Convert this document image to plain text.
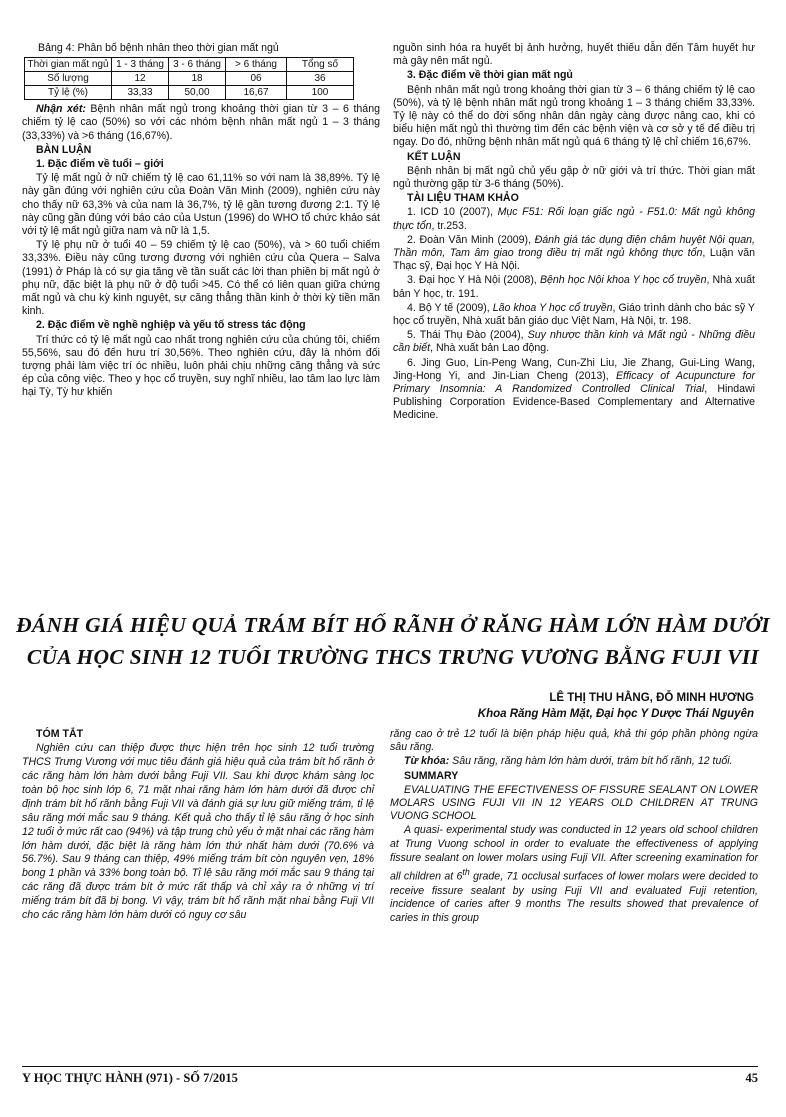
Bảng 4: Phân bố bệnh nhân theo thời gian mất ngủ

Thời gian mất ngủ	1 - 3 tháng	3 - 6 tháng	> 6 tháng	Tổng số
Số lượng	12	18	06	36
Tỷ lệ (%)	33,33	50,00	16,67	100

Nhận xét: Bệnh nhân mất ngủ trong khoảng thời gian từ 3 – 6 tháng chiếm tỷ lệ cao (50%) so với các nhóm bệnh nhân mất ngủ 1 – 3 tháng (33,33%) và >6 tháng (16,67%).

BÀN LUẬN

1. Đặc điểm về tuổi – giới

Tỷ lệ mất ngủ ở nữ chiếm tỷ lệ cao 61,11% so với nam là 38,89%. Tỷ lệ này gần đúng với nghiên cứu của Đoàn Văn Minh (2009), nghiên cứu này cho thấy nữ 63,3% và của nam là 36,7%, tỷ lệ gần tương đương 2:1. Tỷ lệ này cũng gần đúng với báo cáo của Ustun (1996) do WHO tổ chức khảo sát với tỷ lệ mất ngủ giữa nam và nữ là 1,5.

Tỷ lệ phụ nữ ở tuổi 40 – 59 chiếm tỷ lệ cao (50%), và > 60 tuổi chiếm 33,33%. Điều này cũng tương đương với nghiên cứu của Quera – Salva (1991) ở Pháp là có sự gia tăng về tần suất các lời than phiền bị mất ngủ ở phụ nữ, đặc biệt là phụ nữ ở độ tuổi >45. Có thể có liên quan giữa chứng mất ngủ và chu kỳ kinh nguyệt, sự căng thẳng thần kinh ở thời kỳ tiền mãn kinh.

2. Đặc điểm về nghề nghiệp và yếu tố stress tác động

Trí thức có tỷ lệ mất ngủ cao nhất trong nghiên cứu của chúng tôi, chiếm 55,56%, sau đó đến hưu trí 30,56%. Theo nghiên cứu, đây là nhóm đối tượng phải làm việc trí óc nhiều, luôn phải chịu những căng thẳng và sức ép của công việc. Theo y học cổ truyền, suy nghĩ nhiều, lao tâm lao lực làm hại Tỳ, Tỳ hư khiến

nguồn sinh hóa ra huyết bị ảnh hưởng, huyết thiếu dẫn đến Tâm huyết hư mà gây nên mất ngủ.

3. Đặc điểm về thời gian mất ngủ

Bệnh nhân mất ngủ trong khoảng thời gian từ 3 – 6 tháng chiếm tỷ lệ cao (50%), và tỷ lệ bệnh nhân mất ngủ trong khoảng 1 – 3 tháng chiếm 33,33%. Tỷ lệ này có thể do đời sống nhân dân ngày càng được nâng cao, khi có biểu hiện mất ngủ thì thường tìm đến các bệnh viện và cơ sở y tế để điều trị ngay. Do đó, những bệnh nhân mất ngủ quá 6 tháng tỷ lệ chỉ chiếm 16,67%.

KẾT LUẬN

Bệnh nhân bị mất ngủ chủ yếu gặp ở nữ giới và trí thức. Thời gian mất ngủ thường gặp từ 3-6 tháng (50%).

TÀI LIỆU THAM KHẢO

1. ICD 10 (2007), Mục F51: Rối loạn giấc ngủ - F51.0: Mất ngủ không thực tổn, tr.253.

2. Đoàn Văn Minh (2009), Đánh giá tác dụng điện châm huyệt Nội quan, Thần môn, Tam âm giao trong điều trị mất ngủ không thực tổn, Luận văn Thạc sỹ, Đại học Y Hà Nội.

3. Đại học Y Hà Nội (2008), Bệnh học Nội khoa Y học cổ truyền, Nhà xuất bản Y học, tr. 191.

4. Bộ Y tế (2009), Lão khoa Y học cổ truyền, Giáo trình dành cho bác sỹ Y học cổ truyền, Nhà xuất bản giáo dục Việt Nam, Hà Nội, tr. 198.

5. Thái Thụ Đào (2004), Suy nhược thần kinh và Mất ngủ - Những điều cần biết, Nhà xuất bản Lao động.

6. Jing Guo, Lin-Peng Wang, Cun-Zhi Liu, Jie Zhang, Gui-Ling Wang, Jing-Hong Yi, and Jin-Lian Cheng (2013), Efficacy of Acupuncture for Primary Insomnia: A Randomized Controlled Clinical Trial, Hindawi Publishing Corporation Evidence-Based Complementary and Alternative Medicine.

ĐÁNH GIÁ HIỆU QUẢ TRÁM BÍT HỐ RÃNH Ở RĂNG HÀM LỚN HÀM DƯỚI
CỦA HỌC SINH 12 TUỔI TRƯỜNG THCS TRƯNG VƯƠNG BẰNG FUJI VII
LÊ THỊ THU HẰNG, ĐỖ MINH HƯƠNG
Khoa Răng Hàm Mặt, Đại học Y Dược Thái Nguyên

TÓM TẮT

Nghiên cứu can thiệp được thực hiện trên học sinh 12 tuổi trường THCS Trưng Vương với mục tiêu đánh giá hiệu quả của trám bít hố rãnh ở các răng hàm lớn hàm dưới bằng Fuji VII. Sau khi được khám sàng lọc toàn bộ học sinh lớp 6, 71 mặt nhai răng hàm lớn hàm dưới đã được chỉ định trám bít hố rãnh bằng Fuji VII và đánh giá sự lưu giữ miếng trám, tỉ lệ sâu răng mới mắc sau 9 tháng. Kết quả cho thấy tỉ lệ sâu răng ở học sinh 12 tuổi ở mức rất cao (94%) và tập trung chủ yếu ở mặt nhai các răng hàm lớn hàm dưới, đặc biệt là răng hàm lớn thứ nhất hàm dưới (70.6% và 56.7%). Sau 9 tháng can thiệp, 49% miếng trám bít còn nguyên vẹn, 18% bong 1 phần và 33% bong toàn bộ. Tỉ lệ sâu răng mới mắc sau 9 tháng tại các răng đã được trám bít ở mức rất thấp và chỉ xảy ra ở những vị trí miếng trám bít đã bị bong. Vì vậy, trám bít hố rãnh mặt nhai bằng Fuji VII cho các răng hàm lớn hàm dưới có nguy cơ sâu

răng cao ở trẻ 12 tuổi là biện pháp hiệu quả, khả thi góp phần phòng ngừa sâu răng.

Từ khóa: Sâu răng, răng hàm lớn hàm dưới, trám bít hố rãnh, 12 tuổi.

SUMMARY

EVALUATING THE EFECTIVENESS OF FISSURE SEALANT ON LOWER MOLARS USING FUJI VII IN 12 YEARS OLD CHILDREN AT TRUNG VUONG SCHOOL

A quasi- experimental study was conducted in 12 years old school children at Trung Vuong school in order to evaluate the effectiveness of applying fissure sealant on lower molars using Fuji VII. After screening examination for all children at 6th grade, 71 occlusal surfaces of lower molars were decided to receive fissure sealant by using Fuji VII and evaluated Fuji retention, incidence of caries after 9 months The results showed that prevalence of caries in this group

Y HỌC THỰC HÀNH (971) - SỐ 7/2015	45
